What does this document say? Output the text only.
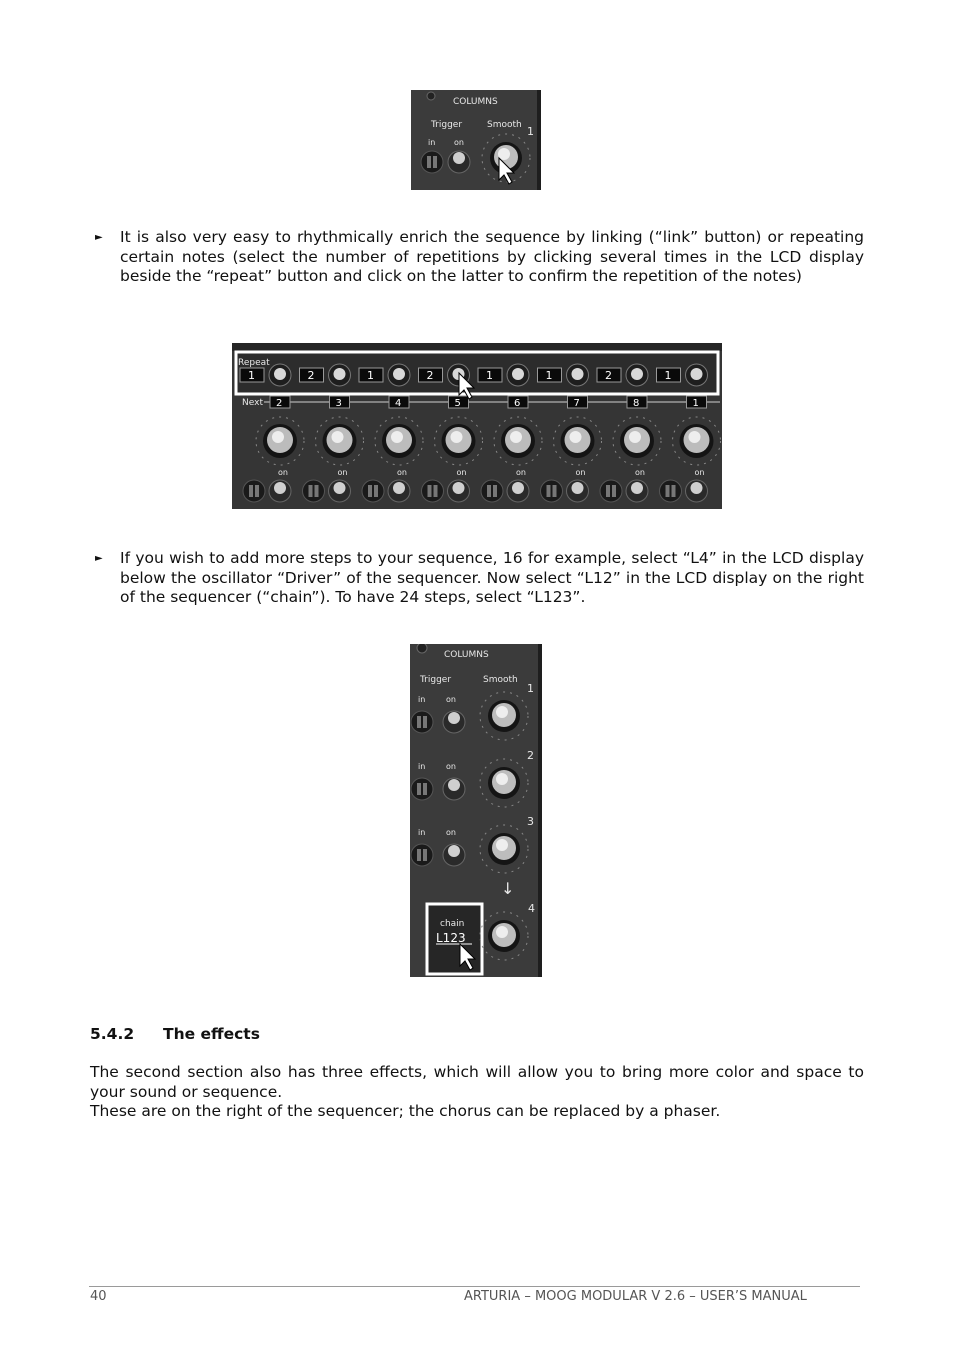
COLUMNS
Trigger	Smooth 1
in on
► It is also very easy to rhythmically enrich the sequence by linking (“link” button) or repeating certain notes (select the number of repetitions by clicking several times in the LCD display beside the “repeat” button and click on the latter to confirm the repetition of the notes)

Repeat
Next
1
2
on
2
3
on
1
4
on
2
5
on
1
6
on
1
7
on
2
8
on
1
1
on
► If you wish to add more steps to your sequence, 16 for example, select “L4” in the LCD display below the oscillator “Driver” of the sequencer. Now select “L12” in the LCD display on the right of the sequencer (“chain”). To have 24 steps, select “L123”.

COLUMNS
Trigger	Smooth
1
in	on
2
in	on
3
in	on
↓
chain
L123
4
5.4.2 The effects

The second section also has three effects, which will allow you to bring more color and space to your sound or sequence.

These are on the right of the sequencer; the chorus can be replaced by a phaser.

40	ARTURIA – MOOG MODULAR V 2.6 – USER’S MANUAL
